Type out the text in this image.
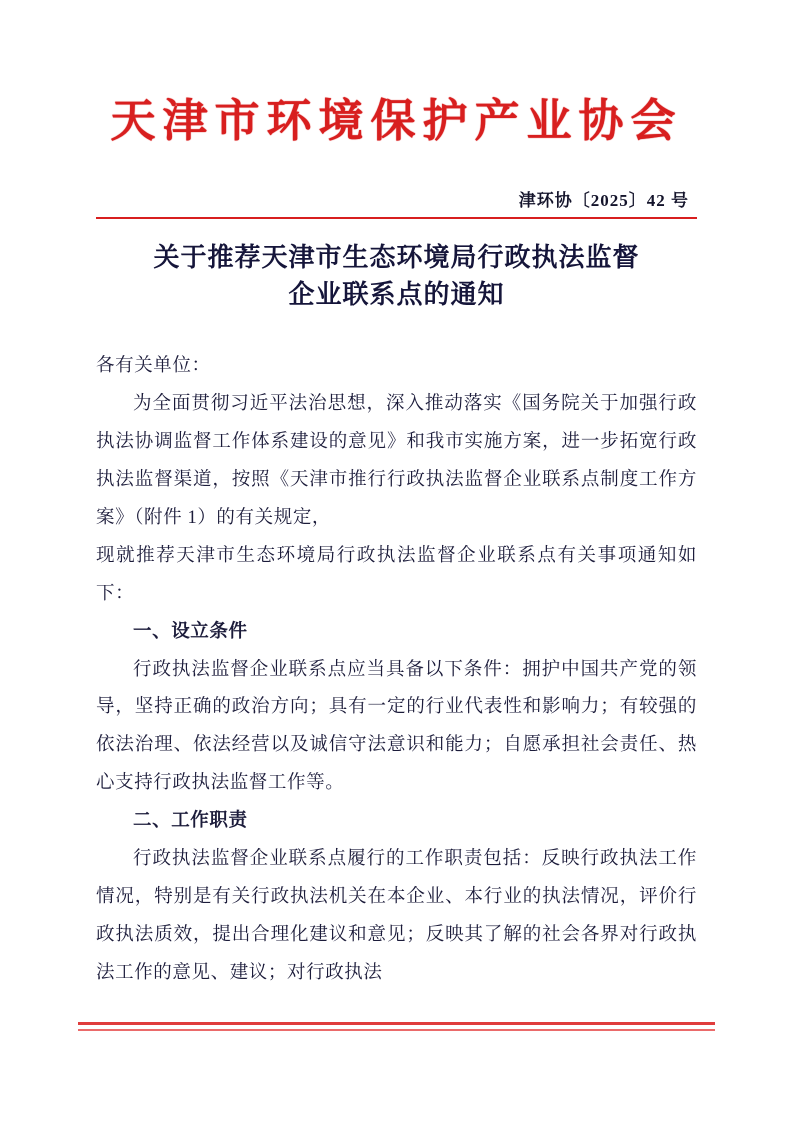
天津市环境保护产业协会
津环协〔2025〕42 号
关于推荐天津市生态环境局行政执法监督
企业联系点的通知

各有关单位：

为全面贯彻习近平法治思想，深入推动落实《国务院关于加强行政执法协调监督工作体系建设的意见》和我市实施方案，进一步拓宽行政执法监督渠道，按照《天津市推行行政执法监督企业联系点制度工作方案》（附件 1）的有关规定，

现就推荐天津市生态环境局行政执法监督企业联系点有关事项通知如下：

一、设立条件

行政执法监督企业联系点应当具备以下条件：拥护中国共产党的领导，坚持正确的政治方向；具有一定的行业代表性和影响力；有较强的依法治理、依法经营以及诚信守法意识和能力；自愿承担社会责任、热心支持行政执法监督工作等。

二、工作职责

行政执法监督企业联系点履行的工作职责包括：反映行政执法工作情况，特别是有关行政执法机关在本企业、本行业的执法情况，评价行政执法质效，提出合理化建议和意见；反映其了解的社会各界对行政执法工作的意见、建议；对行政执法
